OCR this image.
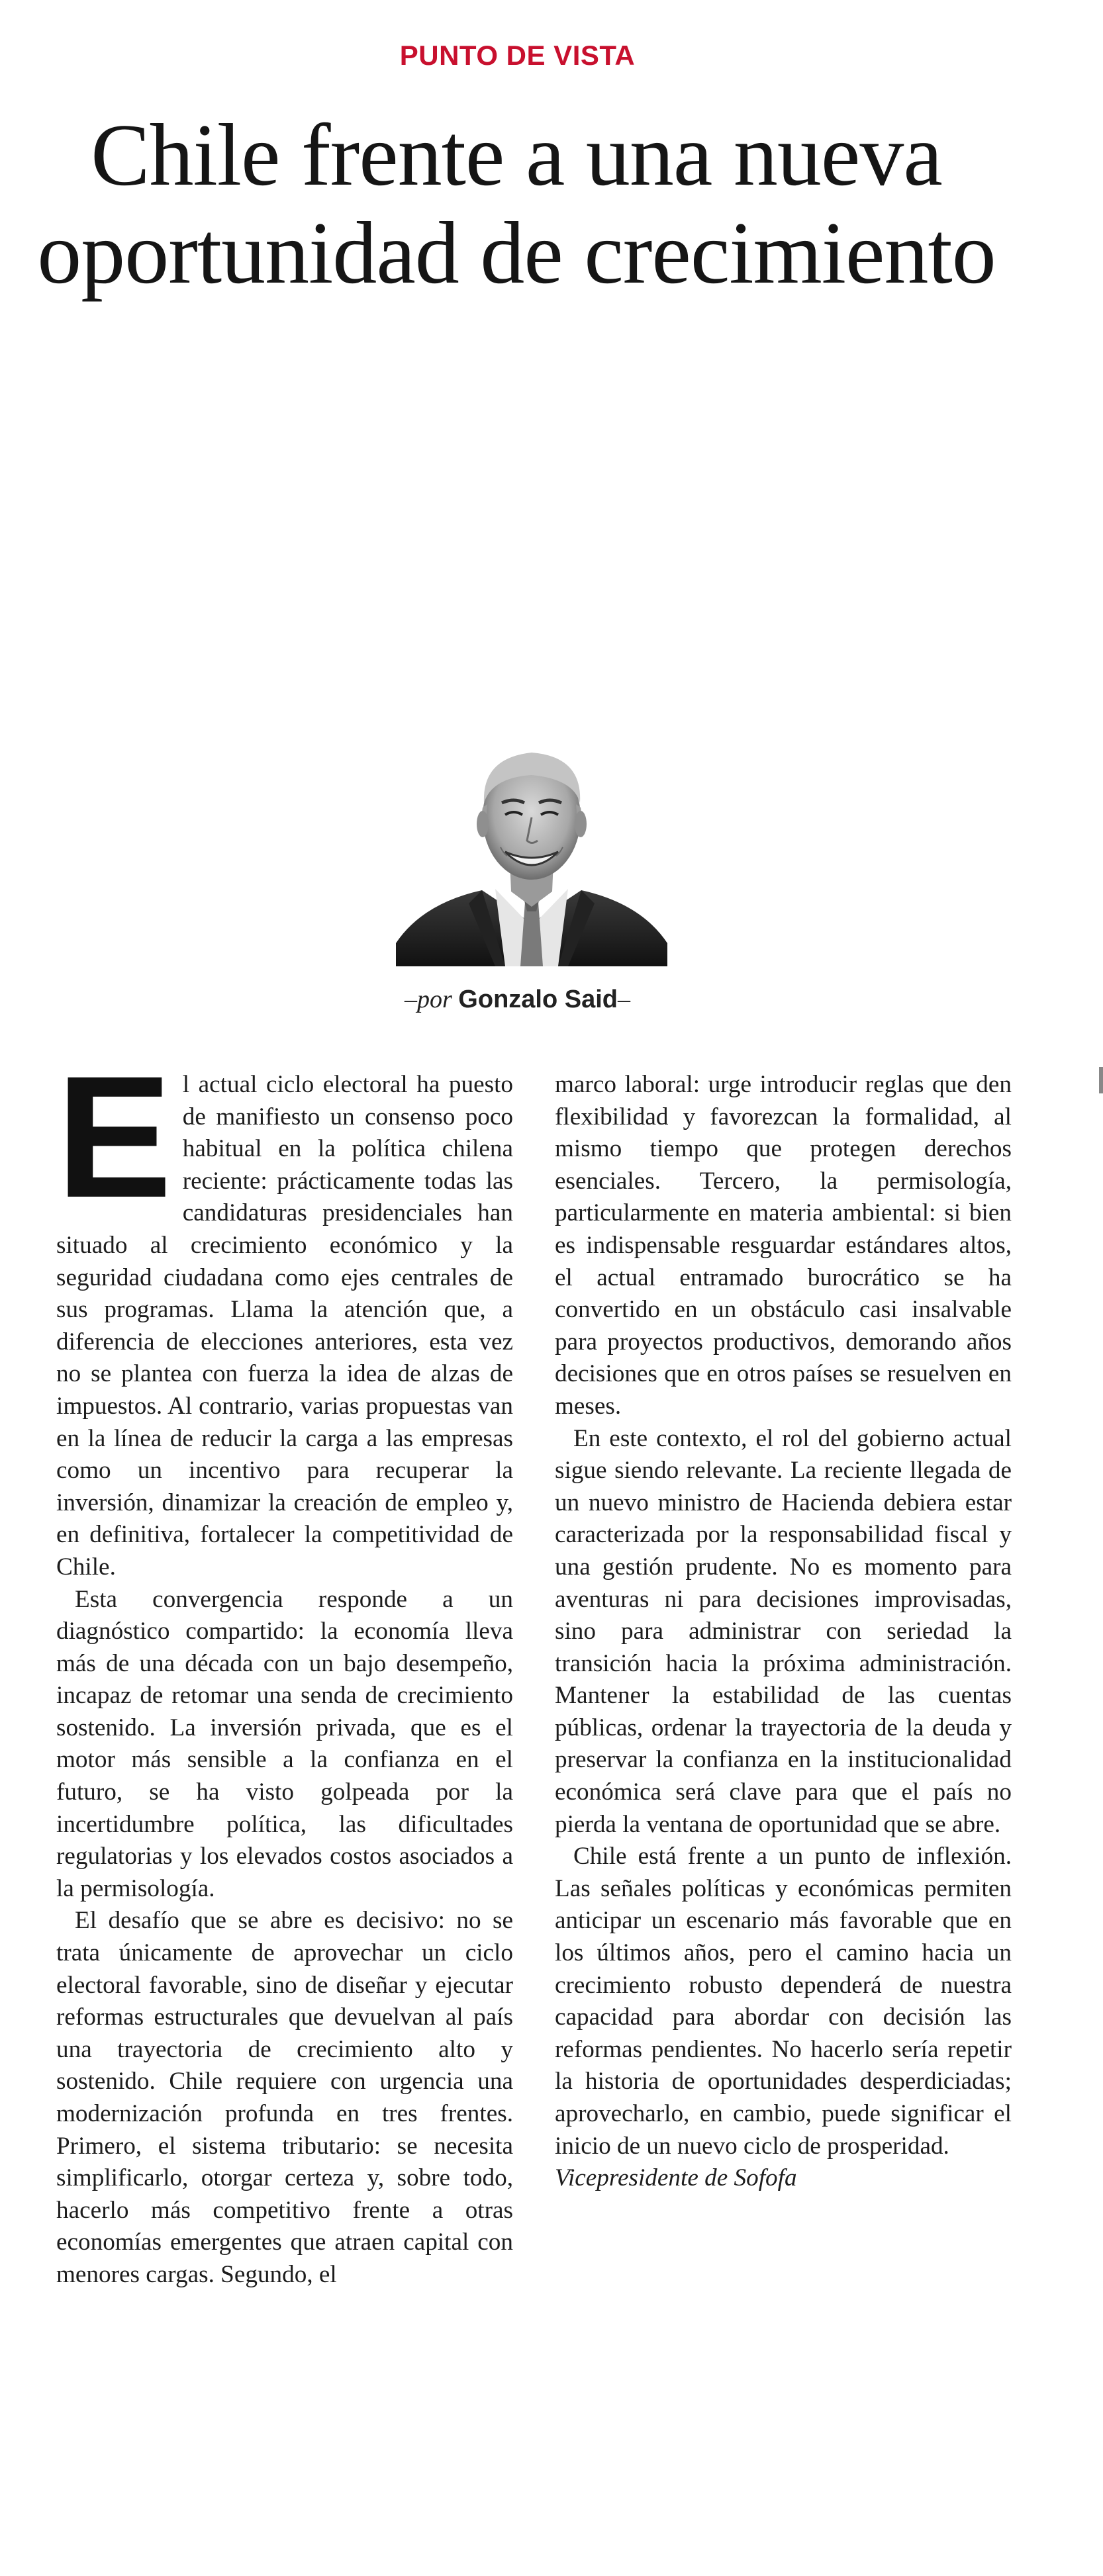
PUNTO DE VISTA
Chile frente a una nueva oportunidad de crecimiento
–por Gonzalo Said–

El actual ciclo electoral ha puesto de manifiesto un consenso poco habitual en la política chilena reciente: prácticamente todas las candidaturas presidenciales han situado al crecimiento económico y la seguridad ciudadana como ejes centrales de sus programas. Llama la atención que, a diferencia de elecciones anteriores, esta vez no se plantea con fuerza la idea de alzas de impuestos. Al contrario, varias propuestas van en la línea de reducir la carga a las empresas como un incentivo para recuperar la inversión, dinamizar la creación de empleo y, en definitiva, fortalecer la competitividad de Chile.

Esta convergencia responde a un diagnóstico compartido: la economía lleva más de una década con un bajo desempeño, incapaz de retomar una senda de crecimiento sostenido. La inversión privada, que es el motor más sensible a la confianza en el futuro, se ha visto golpeada por la incertidumbre política, las dificultades regulatorias y los elevados costos asociados a la permisología.

El desafío que se abre es decisivo: no se trata únicamente de aprovechar un ciclo electoral favorable, sino de diseñar y ejecutar reformas estructurales que devuelvan al país una trayectoria de crecimiento alto y sostenido. Chile requiere con urgencia una modernización profunda en tres frentes. Primero, el sistema tributario: se necesita simplificarlo, otorgar certeza y, sobre todo, hacerlo más competitivo frente a otras economías emergentes que atraen capital con menores cargas. Segundo, el

marco laboral: urge introducir reglas que den flexibilidad y favorezcan la formalidad, al mismo tiempo que protegen derechos esenciales. Tercero, la permisología, particularmente en materia ambiental: si bien es indispensable resguardar estándares altos, el actual entramado burocrático se ha convertido en un obstáculo casi insalvable para proyectos productivos, demorando años decisiones que en otros países se resuelven en meses.

En este contexto, el rol del gobierno actual sigue siendo relevante. La reciente llegada de un nuevo ministro de Hacienda debiera estar caracterizada por la responsabilidad fiscal y una gestión prudente. No es momento para aventuras ni para decisiones improvisadas, sino para administrar con seriedad la transición hacia la próxima administración. Mantener la estabilidad de las cuentas públicas, ordenar la trayectoria de la deuda y preservar la confianza en la institucionalidad económica será clave para que el país no pierda la ventana de oportunidad que se abre.

Chile está frente a un punto de inflexión. Las señales políticas y económicas permiten anticipar un escenario más favorable que en los últimos años, pero el camino hacia un crecimiento robusto dependerá de nuestra capacidad para abordar con decisión las reformas pendientes. No hacerlo sería repetir la historia de oportunidades desperdiciadas; aprovecharlo, en cambio, puede significar el inicio de un nuevo ciclo de prosperidad.

Vicepresidente de Sofofa
